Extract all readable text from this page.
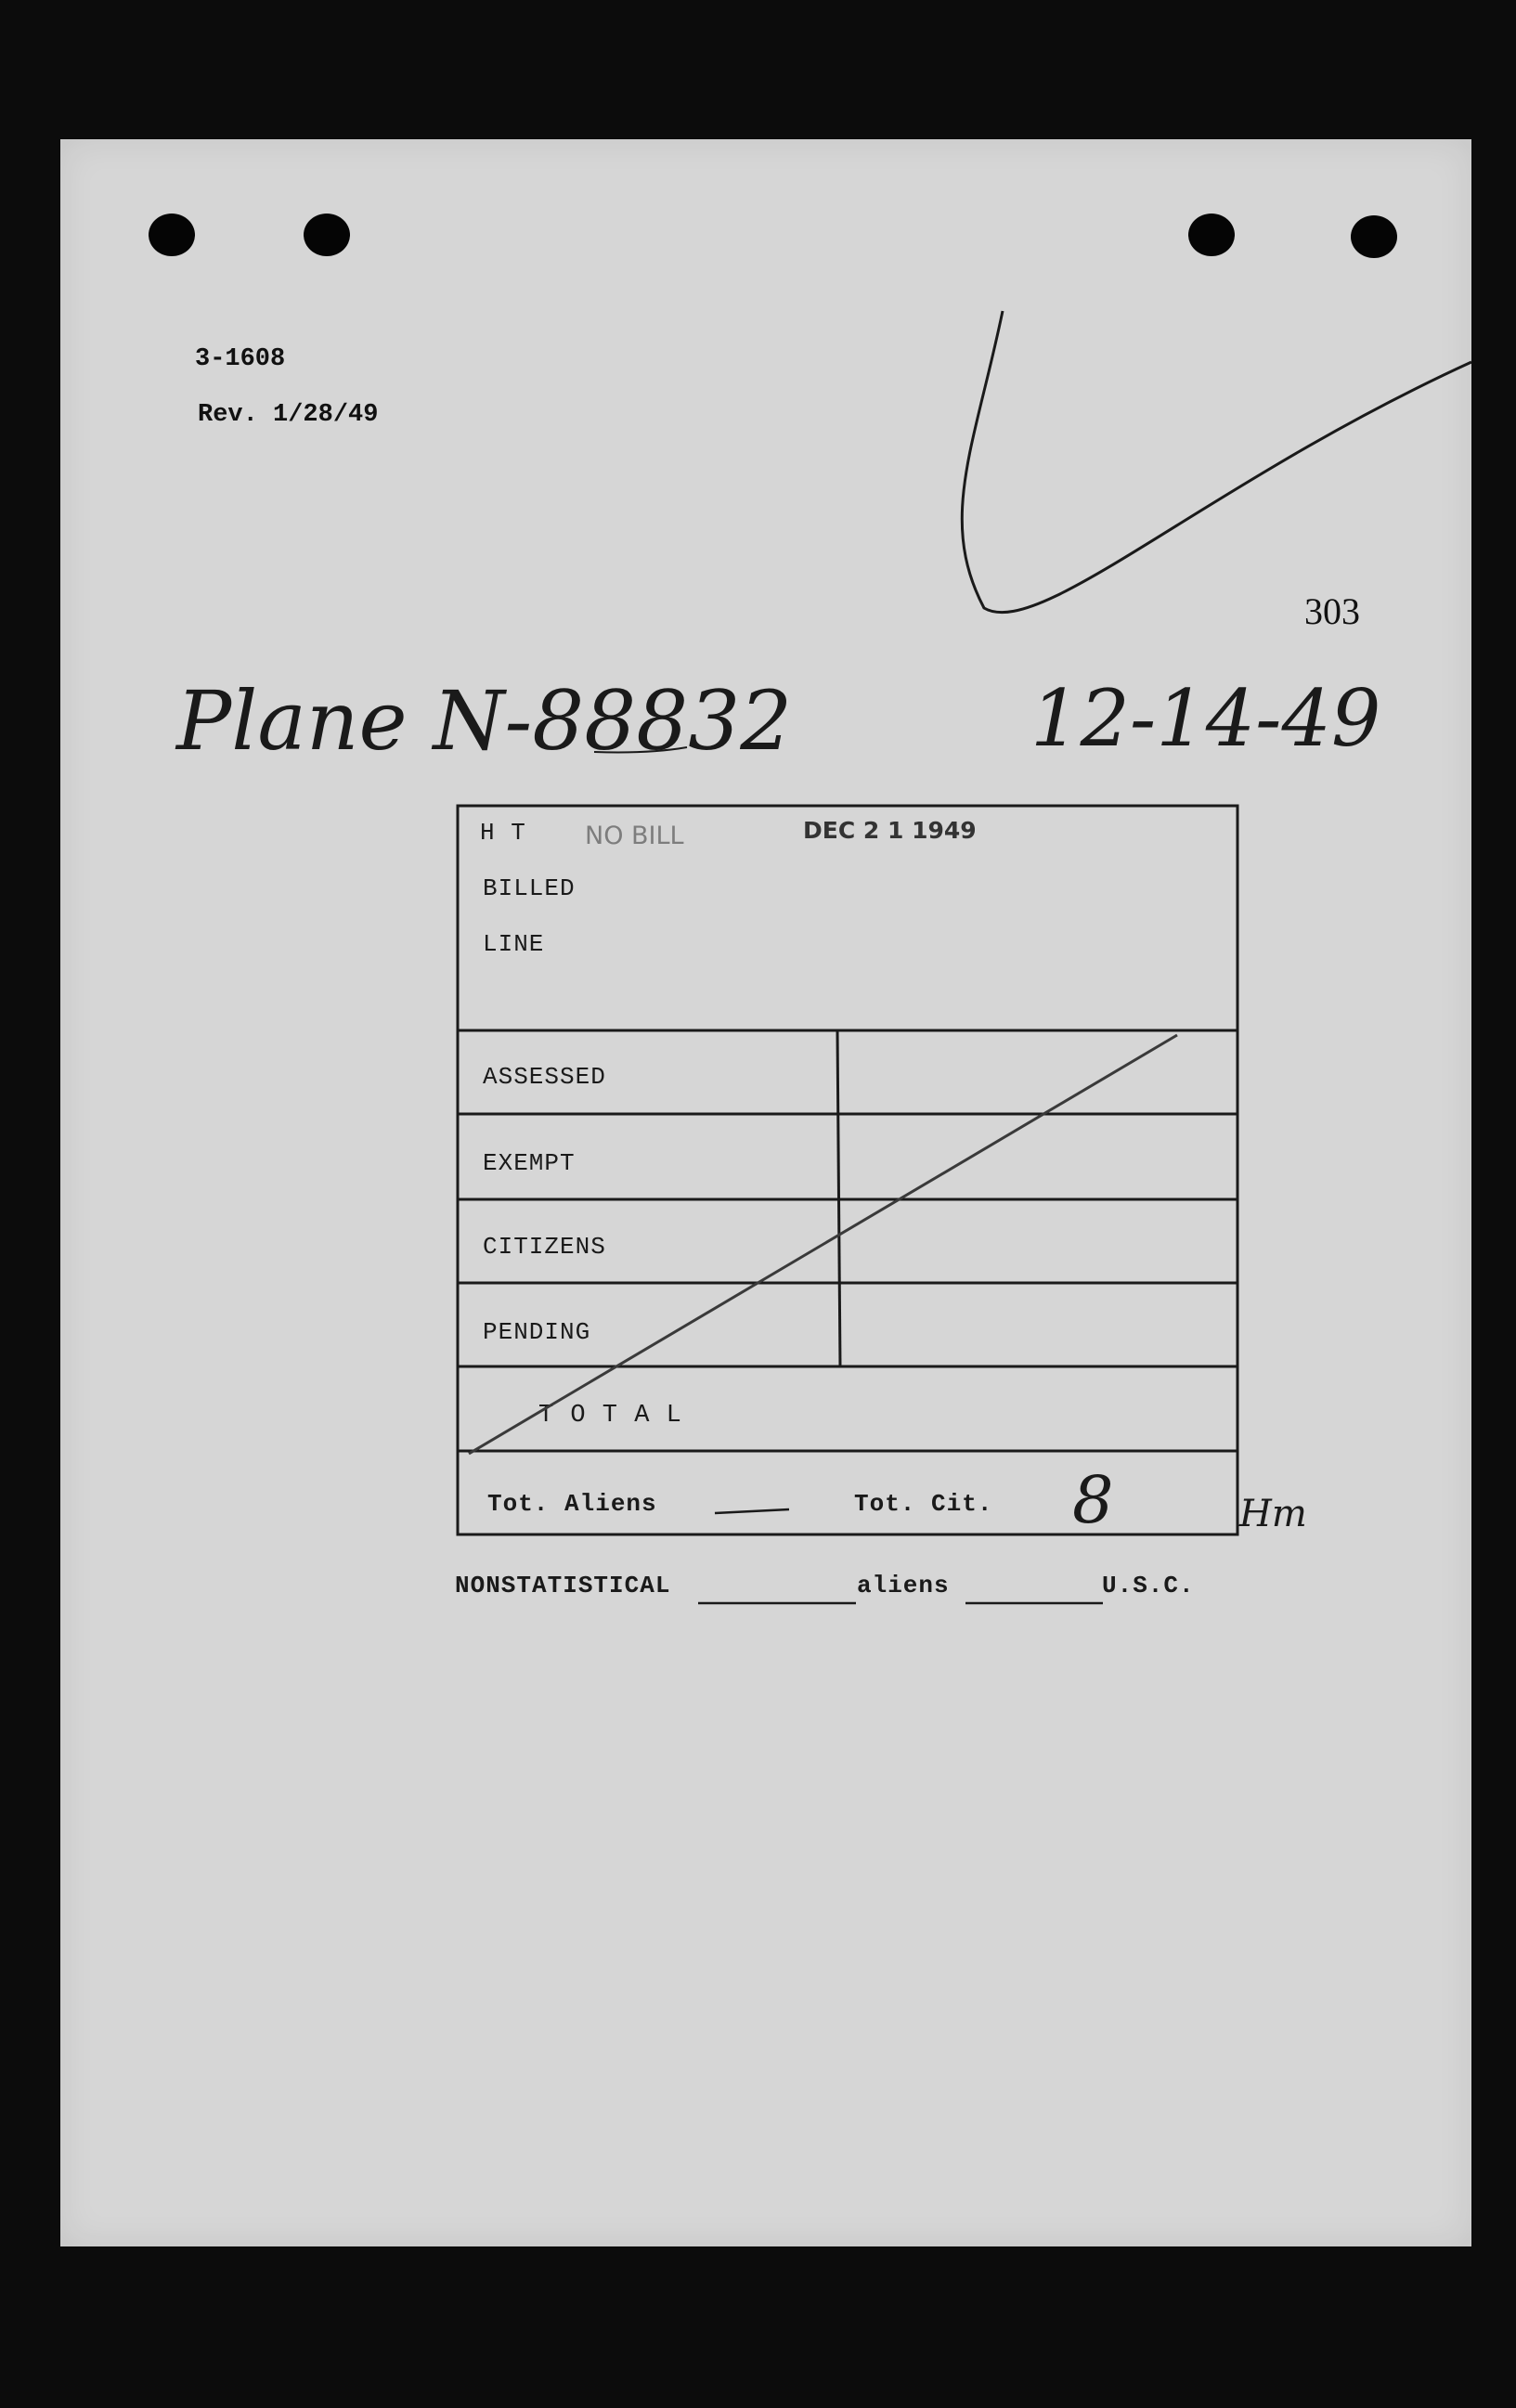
3-1608
Rev. 1/28/49
303
Plane N-88832	12-14-49
NO BILL	DEC 2 1 1949
H T
BILLED
LINE
ASSESSED
EXEMPT
CITIZENS
PENDING
T O T A L
Tot. Aliens	Tot. Cit. 8	Hm
NONSTATISTICAL	aliens	U.S.C.
